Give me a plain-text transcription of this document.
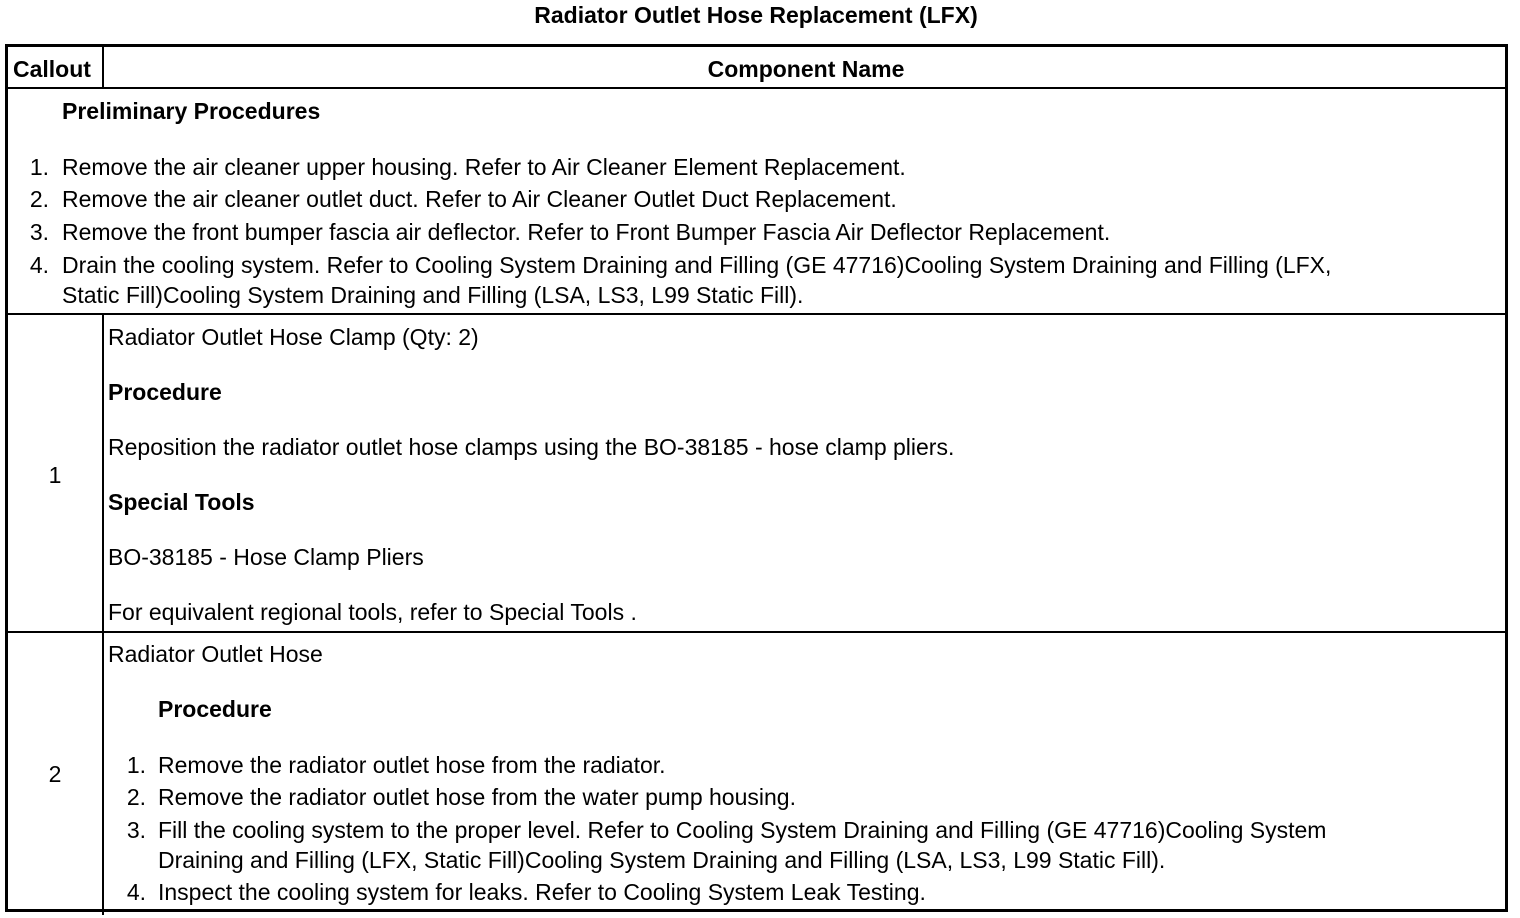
Radiator Outlet Hose Replacement (LFX)
Callout	Component Name
Preliminary Procedures
1. Remove the air cleaner upper housing. Refer to Air Cleaner Element Replacement.
2. Remove the air cleaner outlet duct. Refer to Air Cleaner Outlet Duct Replacement.
3. Remove the front bumper fascia air deflector. Refer to Front Bumper Fascia Air Deflector Replacement.
4. Drain the cooling system. Refer to Cooling System Draining and Filling (GE 47716)Cooling System Draining and Filling (LFX,
Static Fill)Cooling System Draining and Filling (LSA, LS3, L99 Static Fill).
1
Radiator Outlet Hose Clamp (Qty: 2)
Procedure
Reposition the radiator outlet hose clamps using the BO-38185 - hose clamp pliers.
Special Tools
BO-38185 - Hose Clamp Pliers
For equivalent regional tools, refer to Special Tools .
2
Radiator Outlet Hose
Procedure
1. Remove the radiator outlet hose from the radiator.
2. Remove the radiator outlet hose from the water pump housing.
3. Fill the cooling system to the proper level. Refer to Cooling System Draining and Filling (GE 47716)Cooling System
Draining and Filling (LFX, Static Fill)Cooling System Draining and Filling (LSA, LS3, L99 Static Fill).
4. Inspect the cooling system for leaks. Refer to Cooling System Leak Testing.
